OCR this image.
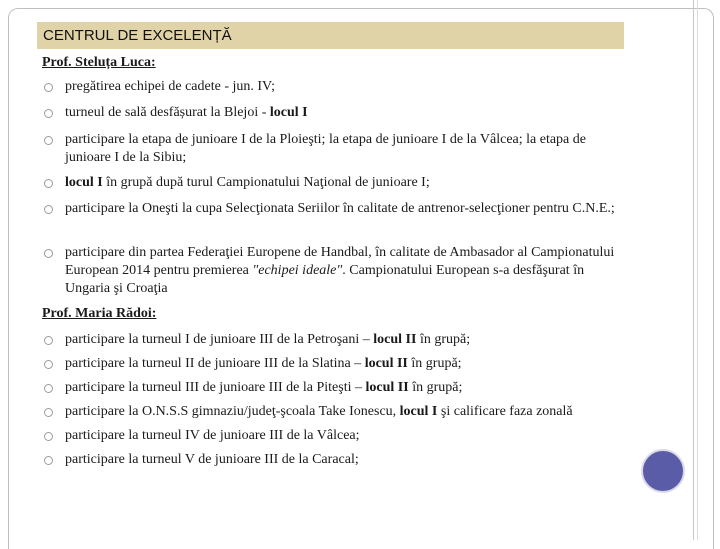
CENTRUL DE EXCELENȚĂ
Prof. Steluța Luca:
pregătirea echipei de cadete - jun. IV;
turneul de sală desfășurat la Blejoi - locul I
participare la etapa de junioare I de la Ploieşti; la etapa de junioare I de la Vâlcea; la etapa de junioare I de la Sibiu;
locul I în grupă după turul Campionatului Naţional de junioare I;
participare la Oneşti la cupa Selecţionata Seriilor în calitate de antrenor-selecţioner pentru C.N.E.;
participare din partea Federaţiei Europene de Handbal, în calitate de Ambasador al Campionatului European 2014 pentru premierea "echipei ideale". Campionatului European s-a desfăşurat în Ungaria şi Croaţia
Prof. Maria Rădoi:
participare la turneul I de junioare III de la Petroşani – locul II în grupă;
participare la turneul II de junioare III de la Slatina – locul II în grupă;
participare la turneul III de junioare III de la Piteşti – locul II în grupă;
participare la O.N.S.S gimnaziu/judeţ-şcoala Take Ionescu, locul I şi calificare faza zonală
participare la turneul IV de junioare III de la Vâlcea;
participare la turneul V de junioare III de la Caracal;
